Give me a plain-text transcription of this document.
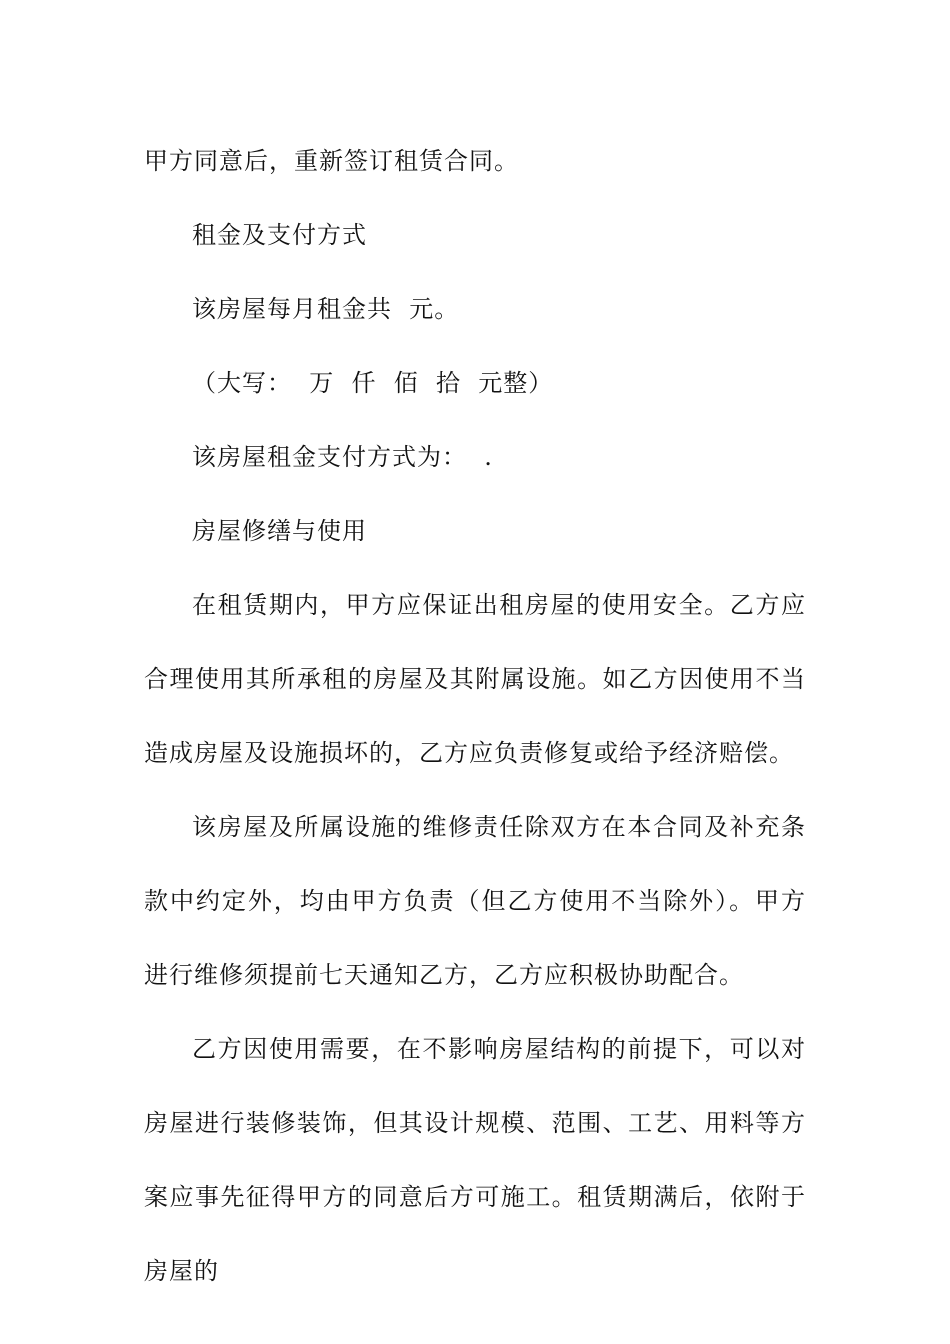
甲方同意后，重新签订租赁合同。

租金及支付方式

该房屋每月租金共  元。

（大写：  万  仟  佰  拾  元整）

该房屋租金支付方式为：  .

房屋修缮与使用

在租赁期内，甲方应保证出租房屋的使用安全。乙方应合理使用其所承租的房屋及其附属设施。如乙方因使用不当造成房屋及设施损坏的，乙方应负责修复或给予经济赔偿。

该房屋及所属设施的维修责任除双方在本合同及补充条款中约定外，均由甲方负责（但乙方使用不当除外）。甲方进行维修须提前七天通知乙方，乙方应积极协助配合。

乙方因使用需要，在不影响房屋结构的前提下，可以对房屋进行装修装饰，但其设计规模、范围、工艺、用料等方案应事先征得甲方的同意后方可施工。租赁期满后，依附于房屋的
